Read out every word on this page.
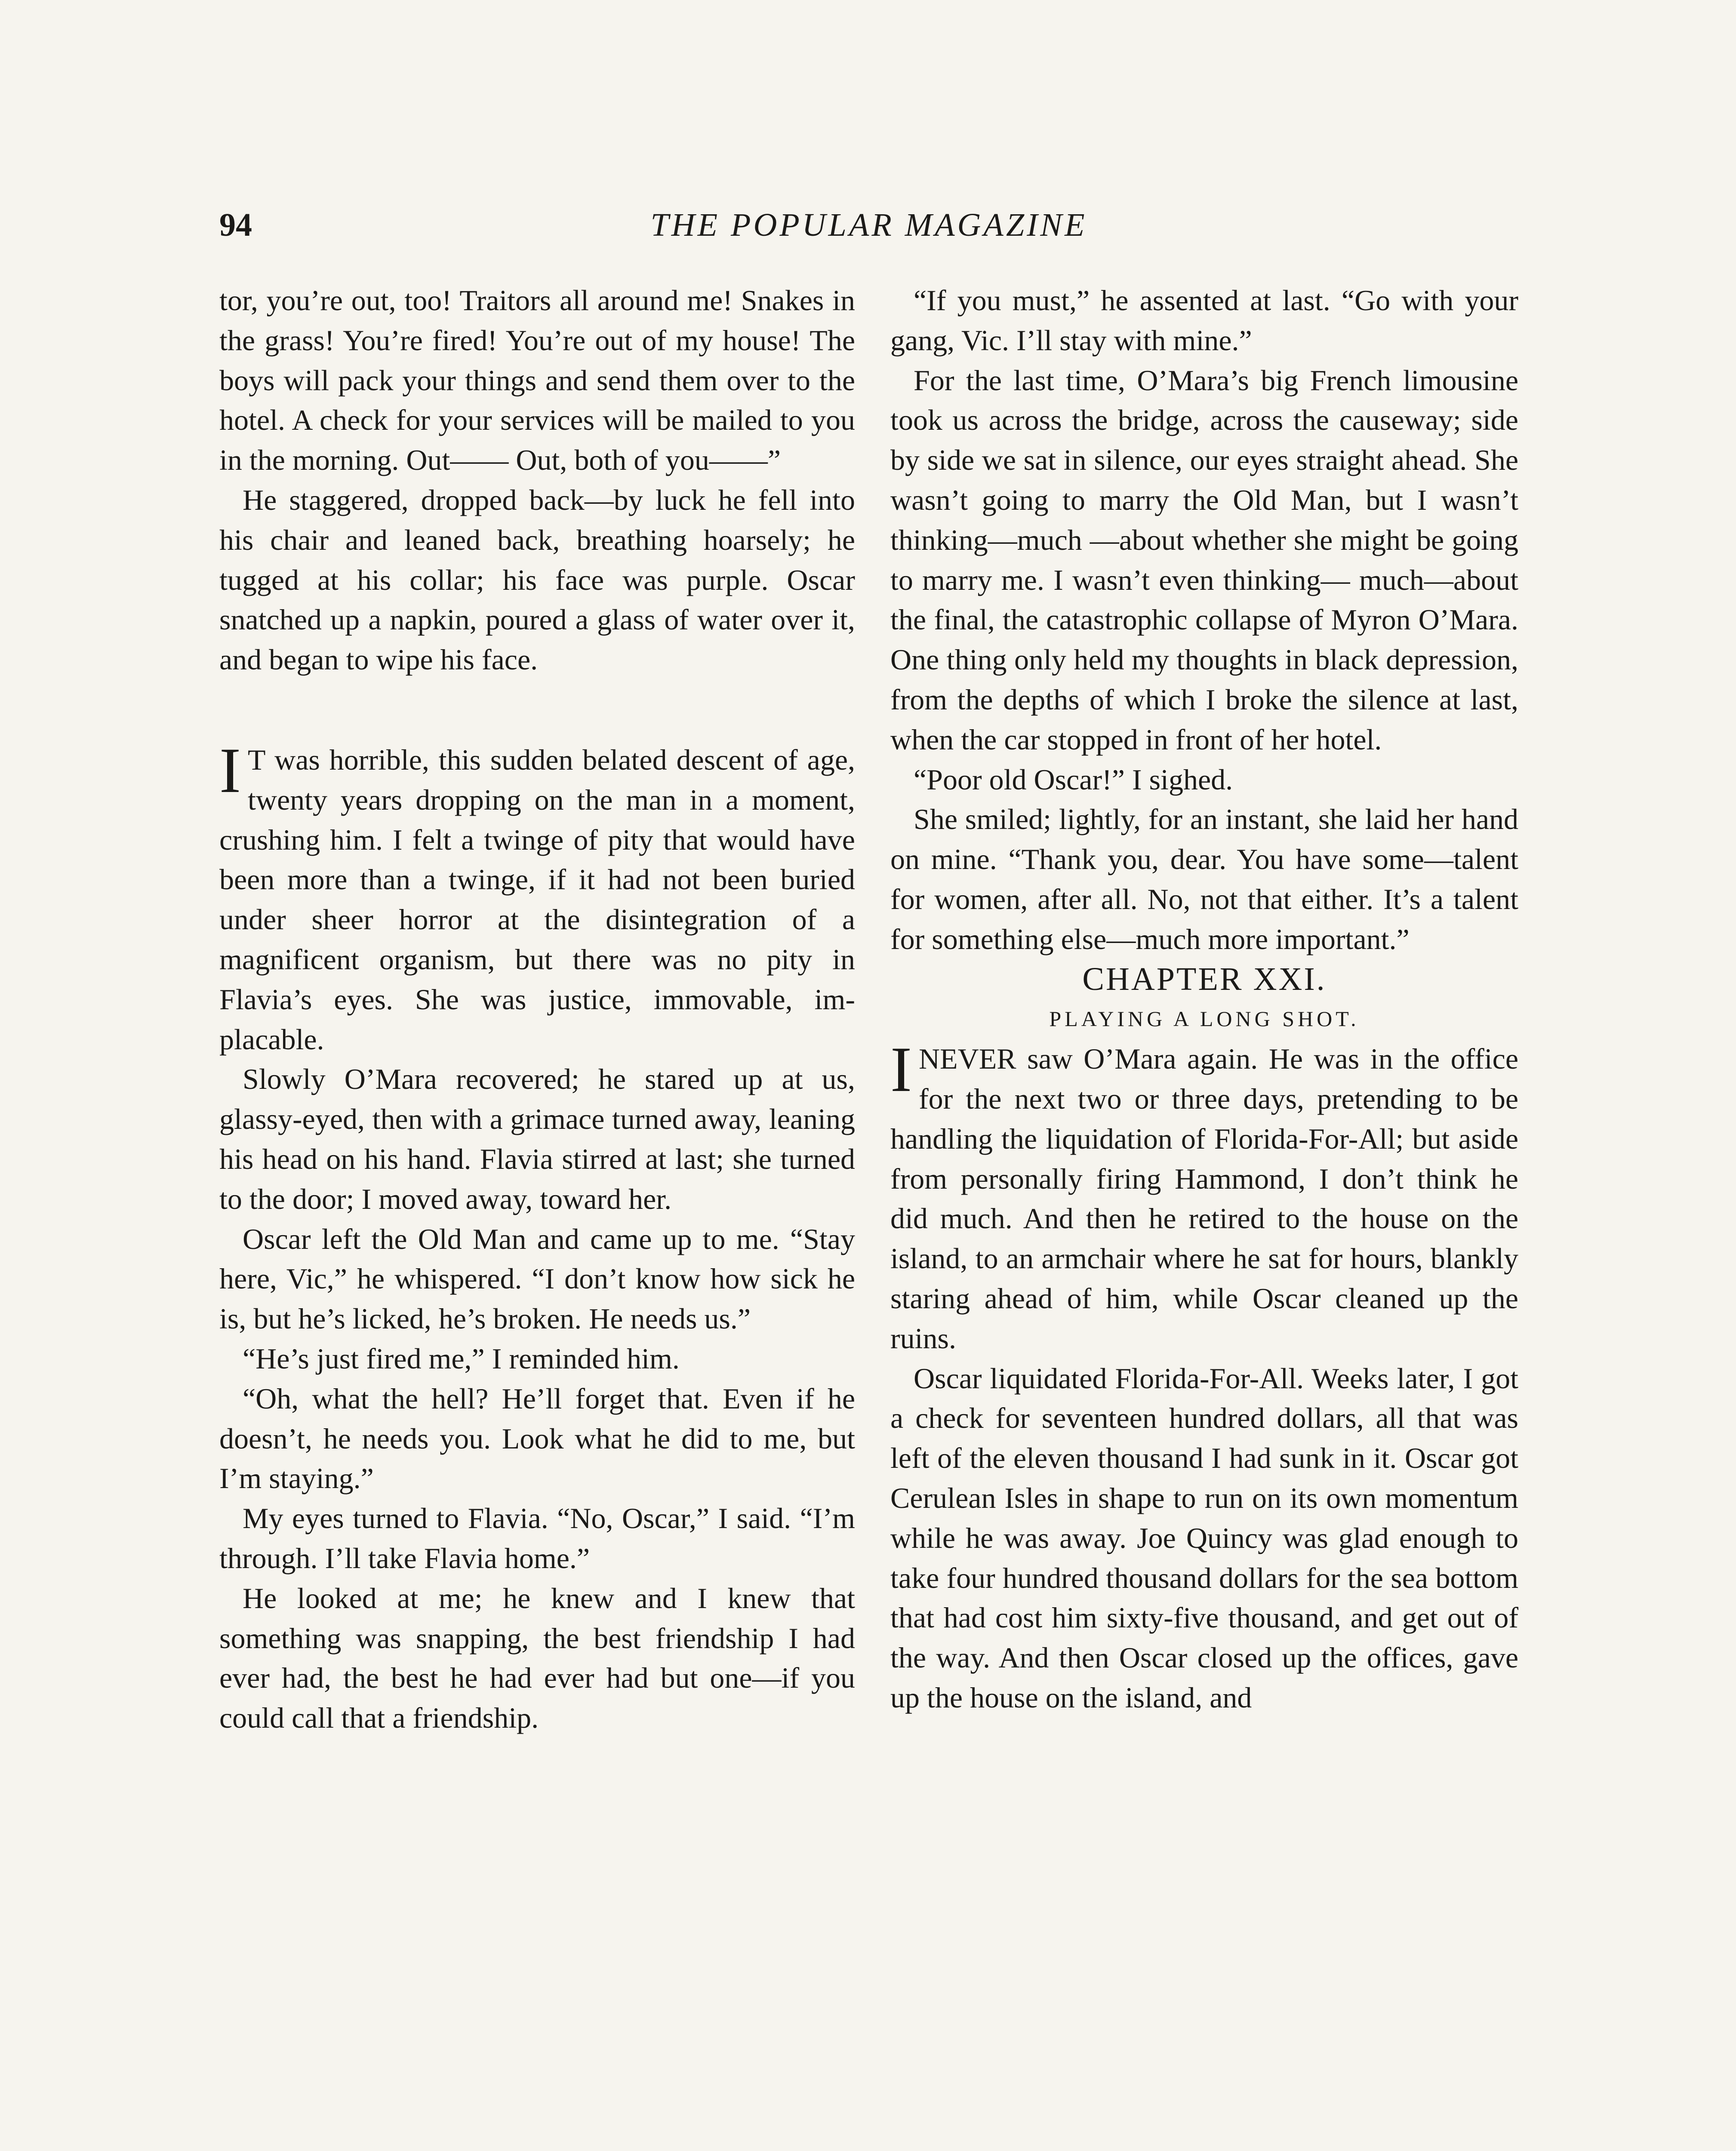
94	THE POPULAR MAGAZINE

tor, you’re out, too! Traitors all around me! Snakes in the grass! You’re fired! You’re out of my house! The boys will pack your things and send them over to the hotel. A check for your services will be mailed to you in the morning. Out—— Out, both of you——”

He staggered, dropped back—by luck he fell into his chair and leaned back, breathing hoarsely; he tugged at his collar; his face was purple. Oscar snatched up a napkin, poured a glass of water over it, and began to wipe his face.

I T was horrible, this sudden belated descent of age, twenty years dropping on the man in a moment, crushing him. I felt a twinge of pity that would have been more than a twinge, if it had not been buried under sheer horror at the disintegration of a magnificent organism, but there was no pity in Flavia’s eyes. She was justice, immovable, implacable.

Slowly O’Mara recovered; he stared up at us, glassy-eyed, then with a grimace turned away, leaning his head on his hand. Flavia stirred at last; she turned to the door; I moved away, toward her.

Oscar left the Old Man and came up to me. “Stay here, Vic,” he whispered. “I don’t know how sick he is, but he’s licked, he’s broken. He needs us.”

“He’s just fired me,” I reminded him.

“Oh, what the hell? He’ll forget that. Even if he doesn’t, he needs you. Look what he did to me, but I’m staying.”

My eyes turned to Flavia. “No, Oscar,” I said. “I’m through. I’ll take Flavia home.”

He looked at me; he knew and I knew that something was snapping, the best friendship I had ever had, the best he had ever had but one—if you could call that a friendship.

“If you must,” he assented at last. “Go with your gang, Vic. I’ll stay with mine.”

For the last time, O’Mara’s big French limousine took us across the bridge, across the causeway; side by side we sat in silence, our eyes straight ahead. She wasn’t going to marry the Old Man, but I wasn’t thinking—much —about whether she might be going to marry me. I wasn’t even thinking— much—about the final, the catastrophic collapse of Myron O’Mara. One thing only held my thoughts in black depression, from the depths of which I broke the silence at last, when the car stopped in front of her hotel.

“Poor old Oscar!” I sighed.

She smiled; lightly, for an instant, she laid her hand on mine. “Thank you, dear. You have some—talent for women, after all. No, not that either. It’s a talent for something else—much more important.”

CHAPTER XXI.

PLAYING A LONG SHOT.

I NEVER saw O’Mara again. He was in the office for the next two or three days, pretending to be handling the liquidation of Florida-For-All; but aside from personally firing Hammond, I don’t think he did much. And then he retired to the house on the island, to an armchair where he sat for hours, blankly staring ahead of him, while Oscar cleaned up the ruins.

Oscar liquidated Florida-For-All. Weeks later, I got a check for seventeen hundred dollars, all that was left of the eleven thousand I had sunk in it. Oscar got Cerulean Isles in shape to run on its own momentum while he was away. Joe Quincy was glad enough to take four hundred thousand dollars for the sea bottom that had cost him sixty-five thousand, and get out of the way. And then Oscar closed up the offices, gave up the house on the island, and
